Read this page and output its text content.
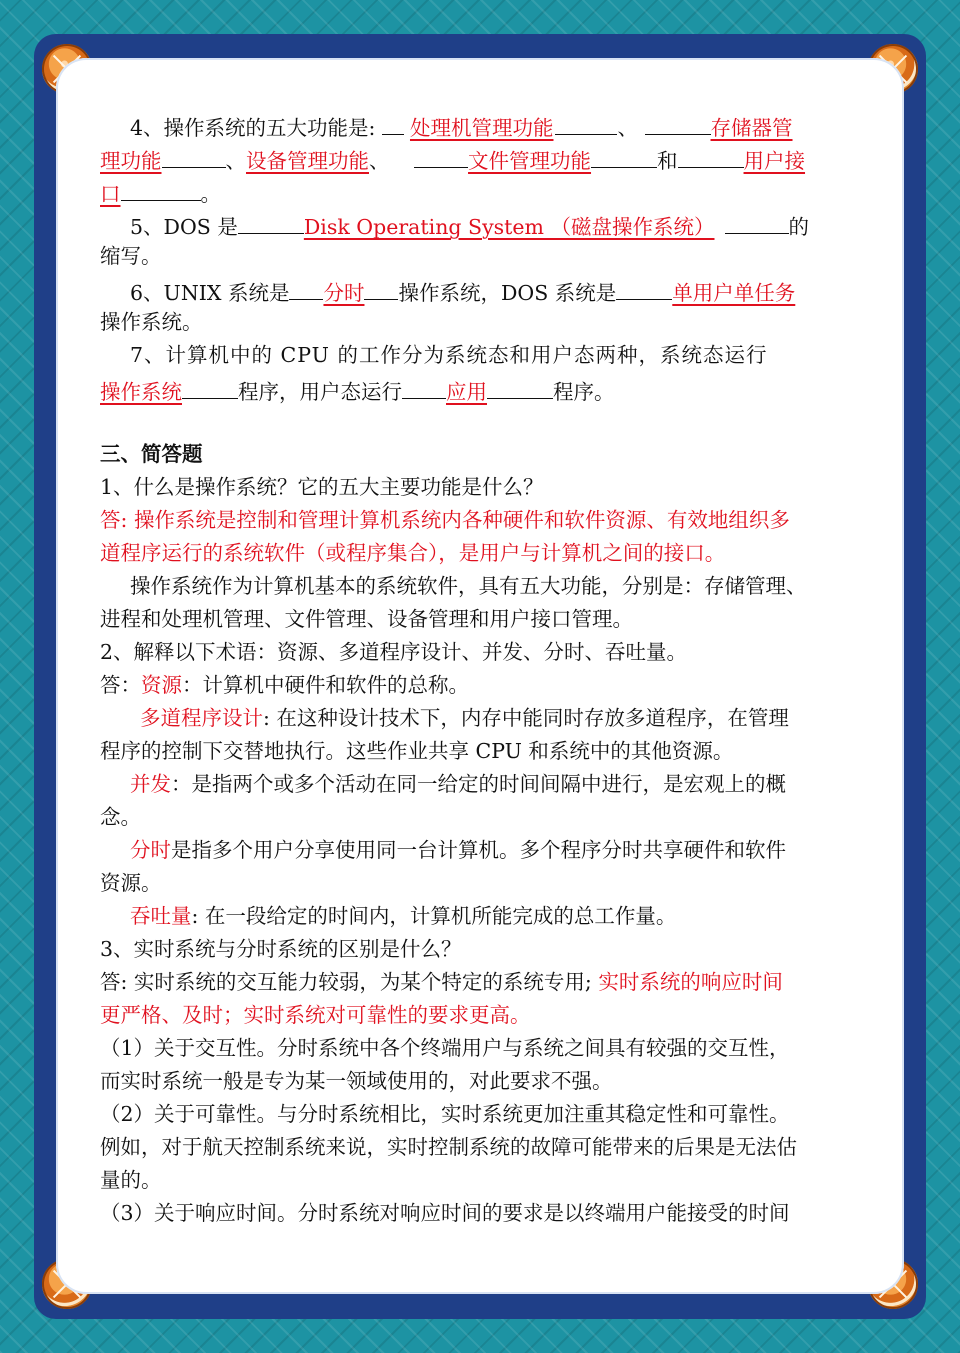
4、操作系统的五大功能是: 处理机管理功能	、	存储器管
理功能	、设备管理功能、	文件管理功能	和	用户接
口	。
5、DOS 是	Disk Operating System （磁盘操作系统）	的
缩写。
6、UNIX 系统是 分时 操作系统，DOS 系统是	单用户单任务
操作系统。
7、计算机中的 CPU 的工作分为系统态和用户态两种，系统态运行
操作系统	程序，用户态运行 应用	程序。
三、简答题
1、什么是操作系统？它的五大主要功能是什么？
答: 操作系统是控制和管理计算机系统内各种硬件和软件资源、有效地组织多
道程序运行的系统软件（或程序集合），是用户与计算机之间的接口。
操作系统作为计算机基本的系统软件，具有五大功能，分别是：存储管理、
进程和处理机管理、文件管理、设备管理和用户接口管理。
2、解释以下术语：资源、多道程序设计、并发、分时、吞吐量。
答：资源：计算机中硬件和软件的总称。
多道程序设计: 在这种设计技术下，内存中能同时存放多道程序，在管理
程序的控制下交替地执行。这些作业共享 CPU 和系统中的其他资源。
并发：是指两个或多个活动在同一给定的时间间隔中进行，是宏观上的概
念。
分时是指多个用户分享使用同一台计算机。多个程序分时共享硬件和软件
资源。
吞吐量: 在一段给定的时间内，计算机所能完成的总工作量。
3、实时系统与分时系统的区别是什么？
答: 实时系统的交互能力较弱，为某个特定的系统专用; 实时系统的响应时间
更严格、及时；实时系统对可靠性的要求更高。
（1）关于交互性。分时系统中各个终端用户与系统之间具有较强的交互性，
而实时系统一般是专为某一领域使用的，对此要求不强。
（2）关于可靠性。与分时系统相比，实时系统更加注重其稳定性和可靠性。
例如，对于航天控制系统来说，实时控制系统的故障可能带来的后果是无法估
量的。
（3）关于响应时间。分时系统对响应时间的要求是以终端用户能接受的时间
